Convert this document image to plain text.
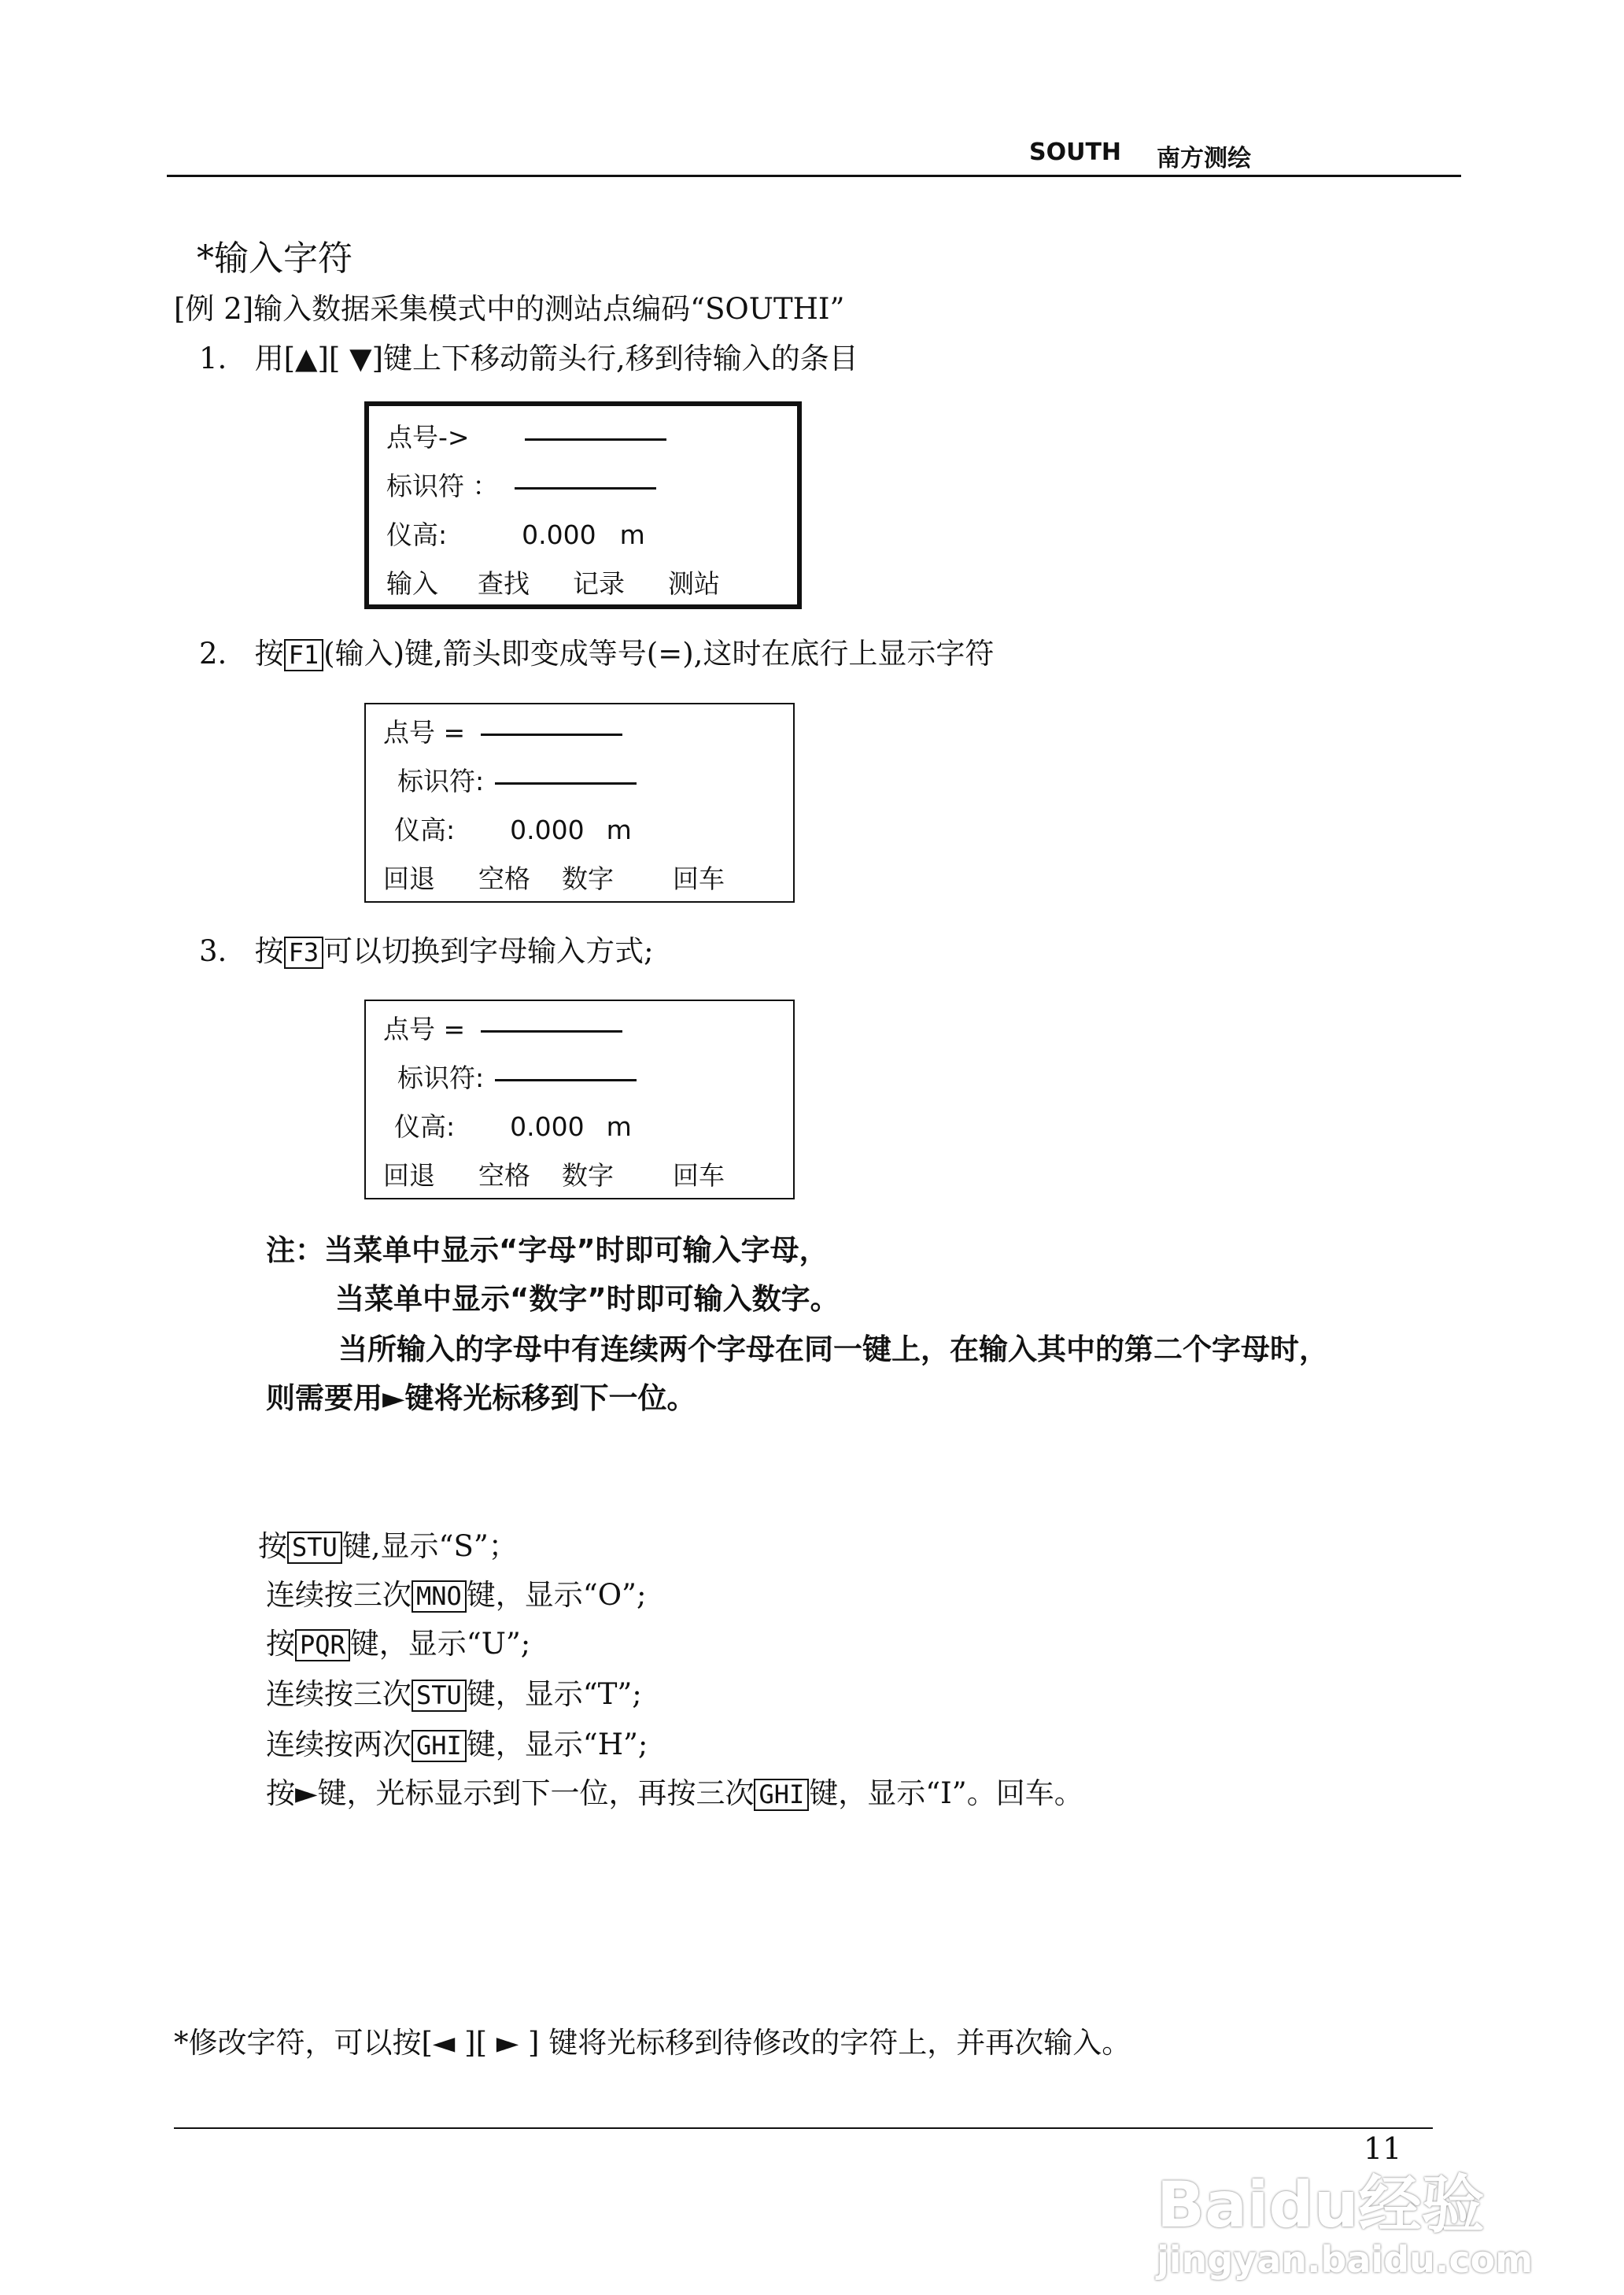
SOUTH 南方测绘
*输入字符
[例 2]输入数据采集模式中的测站点编码“SOUTHI”
1. 用[▲][ ▼]键上下移动箭头行,移到待输入的条目
点号->
标识符 ：
仪高:	0.000 m
输入 查找 记录 测站
2. 按 F1 (输入)键,箭头即变成等号(=),这时在底行上显示字符
点号 =
标识符:
仪高: 0.000 m
回退 空格 数字 回车
3. 按 F3 可以切换到字母输入方式;
点号 =
标识符:
仪高: 0.000 m
回退 空格 数字 回车
注：当菜单中显示“字母”时即可输入字母，
当菜单中显示“数字”时即可输入数字。
当所输入的字母中有连续两个字母在同一键上，在输入其中的第二个字母时，
则需要用►键将光标移到下一位。
按 STU 键,显示“S”；
连续按三次MNO 键，显示“O”;
按PQR 键，显示“U”;
连续按三次 STU 键，显示“T”;
连续按两次 GHI 键，显示“H”;
按►键，光标显示到下一位，再按三次 GHI 键，显示“I”。回车。
*修改字符，可以按[◄ ][ ► ] 键将光标移到待修改的字符上，并再次输入。
11
Baidu经验
jingyan.baidu.com
